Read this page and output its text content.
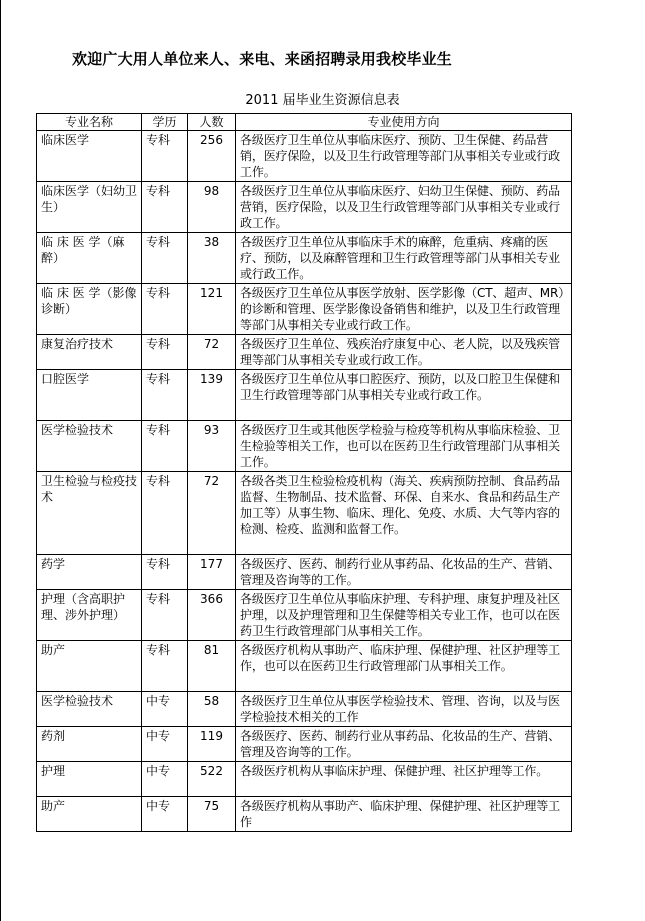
欢迎广大用人单位来人、来电、来函招聘录用我校毕业生
2011 届毕业生资源信息表
专业名称	学历	人数	专业使用方向
临床医学	专科	256	各级医疗卫生单位从事临床医疗、预防、卫生保健、药品营销，医疗保险，以及卫生行政管理等部门从事相关专业或行政工作。
临床医学（妇幼卫生）	专科	98	各级医疗卫生单位从事临床医疗、妇幼卫生保健、预防、药品营销，医疗保险，以及卫生行政管理等部门从事相关专业或行政工作。
临 床 医 学（麻醉）	专科	38	各级医疗卫生单位从事临床手术的麻醉，危重病、疼痛的医疗、预防，以及麻醉管理和卫生行政管理等部门从事相关专业或行政工作。
临 床 医 学（影像诊断）	专科	121	各级医疗卫生单位从事医学放射、医学影像（CT、超声、MR）的诊断和管理、医学影像设备销售和维护，以及卫生行政管理等部门从事相关专业或行政工作。
康复治疗技术	专科	72	各级医疗卫生单位、残疾治疗康复中心、老人院，以及残疾管理等部门从事相关专业或行政工作。
口腔医学	专科	139	各级医疗卫生单位从事口腔医疗、预防，以及口腔卫生保健和卫生行政管理等部门从事相关专业或行政工作。
医学检验技术	专科	93	各级医疗卫生或其他医学检验与检疫等机构从事临床检验、卫生检验等相关工作，也可以在医药卫生行政管理部门从事相关工作。
卫生检验与检疫技术	专科	72	各级各类卫生检验检疫机构（海关、疾病预防控制、食品药品监督、生物制品、技术监督、环保、自来水、食品和药品生产加工等）从事生物、临床、理化、免疫、水质、大气等内容的检测、检疫、监测和监督工作。
药学	专科	177	各级医疗、医药、制药行业从事药品、化妆品的生产、营销、管理及咨询等的工作。
护理（含高职护理、涉外护理）	专科	366	各级医疗卫生单位从事临床护理、专科护理、康复护理及社区护理，以及护理管理和卫生保健等相关专业工作，也可以在医药卫生行政管理部门从事相关工作。
助产	专科	81	各级医疗机构从事助产、临床护理、保健护理、社区护理等工作，也可以在医药卫生行政管理部门从事相关工作。
医学检验技术	中专	58	各级医疗卫生单位从事医学检验技术、管理、咨询，以及与医学检验技术相关的工作
药剂	中专	119	各级医疗、医药、制药行业从事药品、化妆品的生产、营销、管理及咨询等的工作。
护理	中专	522	各级医疗机构从事临床护理、保健护理、社区护理等工作。
助产	中专	75	各级医疗机构从事助产、临床护理、保健护理、社区护理等工作
